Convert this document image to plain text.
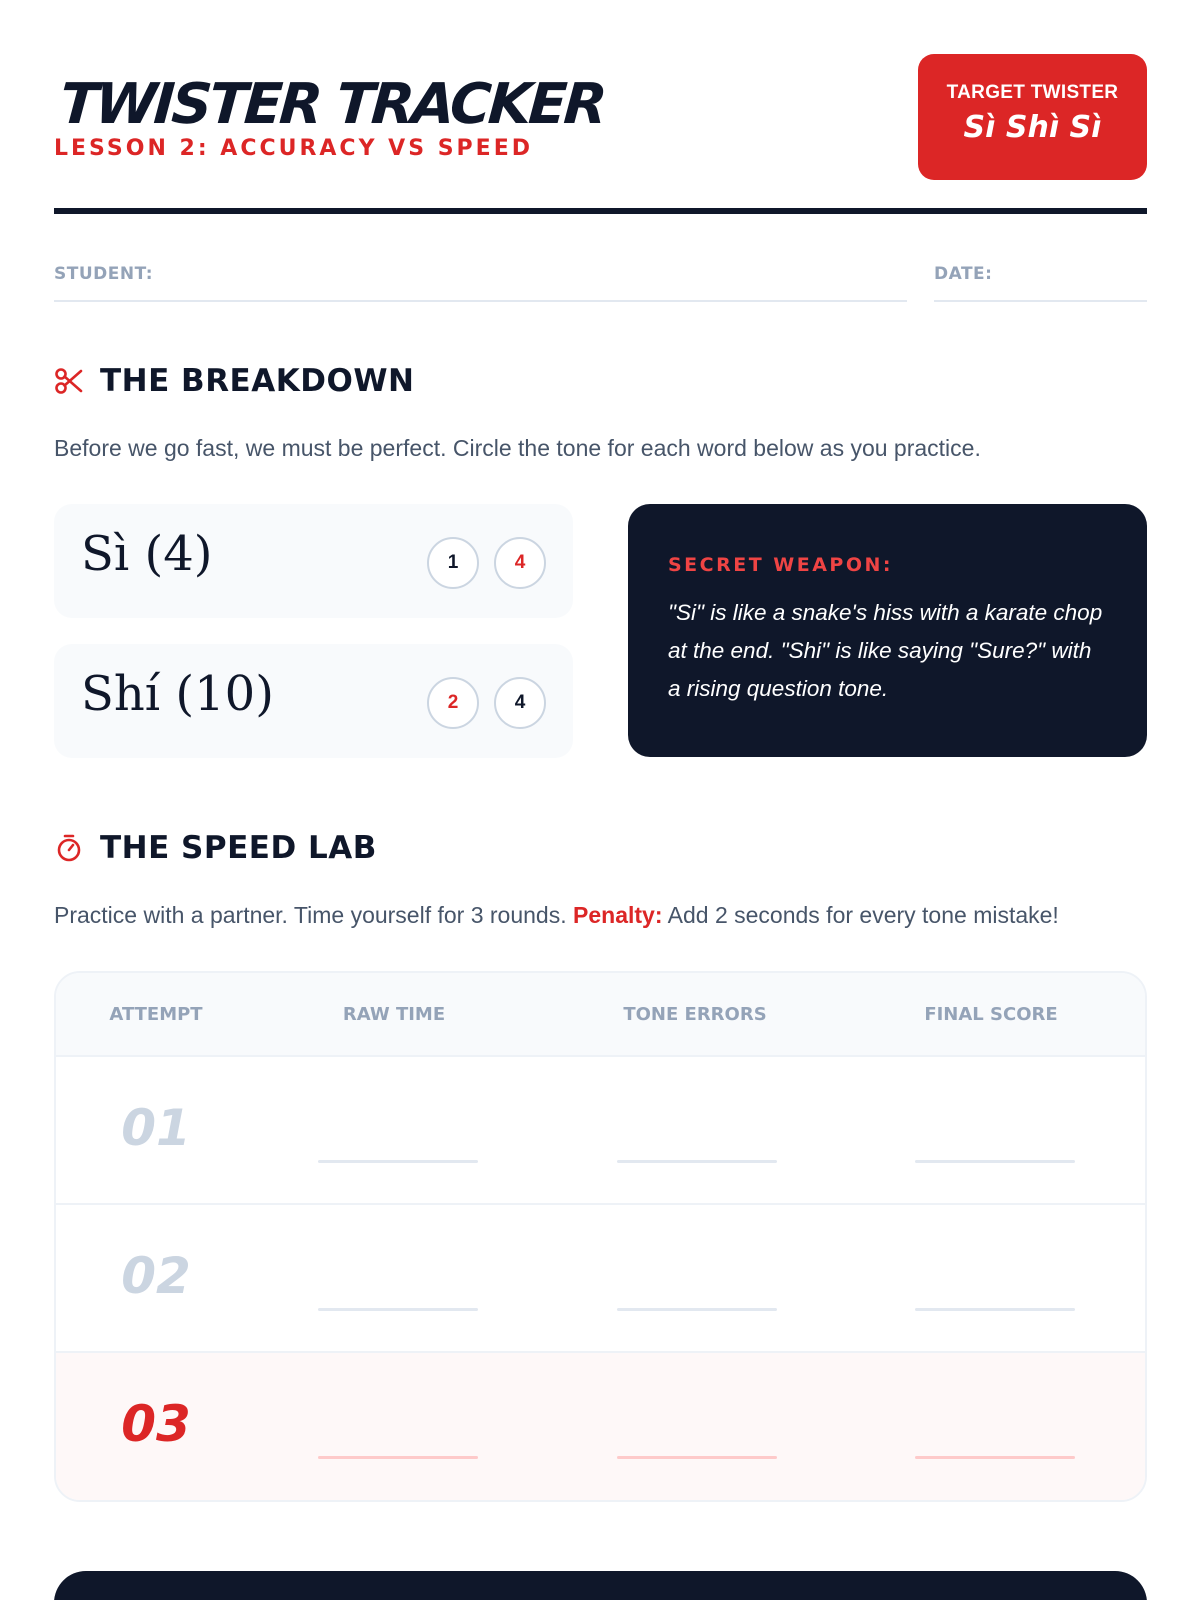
TWISTER TRACKER
LESSON 2: ACCURACY VS SPEED
TARGET TWISTER
Sì Shì Sì
STUDENT:	DATE:
THE BREAKDOWN
Before we go fast, we must be perfect. Circle the tone for each word below as you practice.
Sì (4)	1	4
Shí (10)	2	4
SECRET WEAPON:
"Si" is like a snake's hiss with a karate chop at the end. "Shi" is like saying "Sure?" with a rising question tone.
THE SPEED LAB
Practice with a partner. Time yourself for 3 rounds. Penalty: Add 2 seconds for every tone mistake!
ATTEMPT	RAW TIME	TONE ERRORS	FINAL SCORE
01
02
03
